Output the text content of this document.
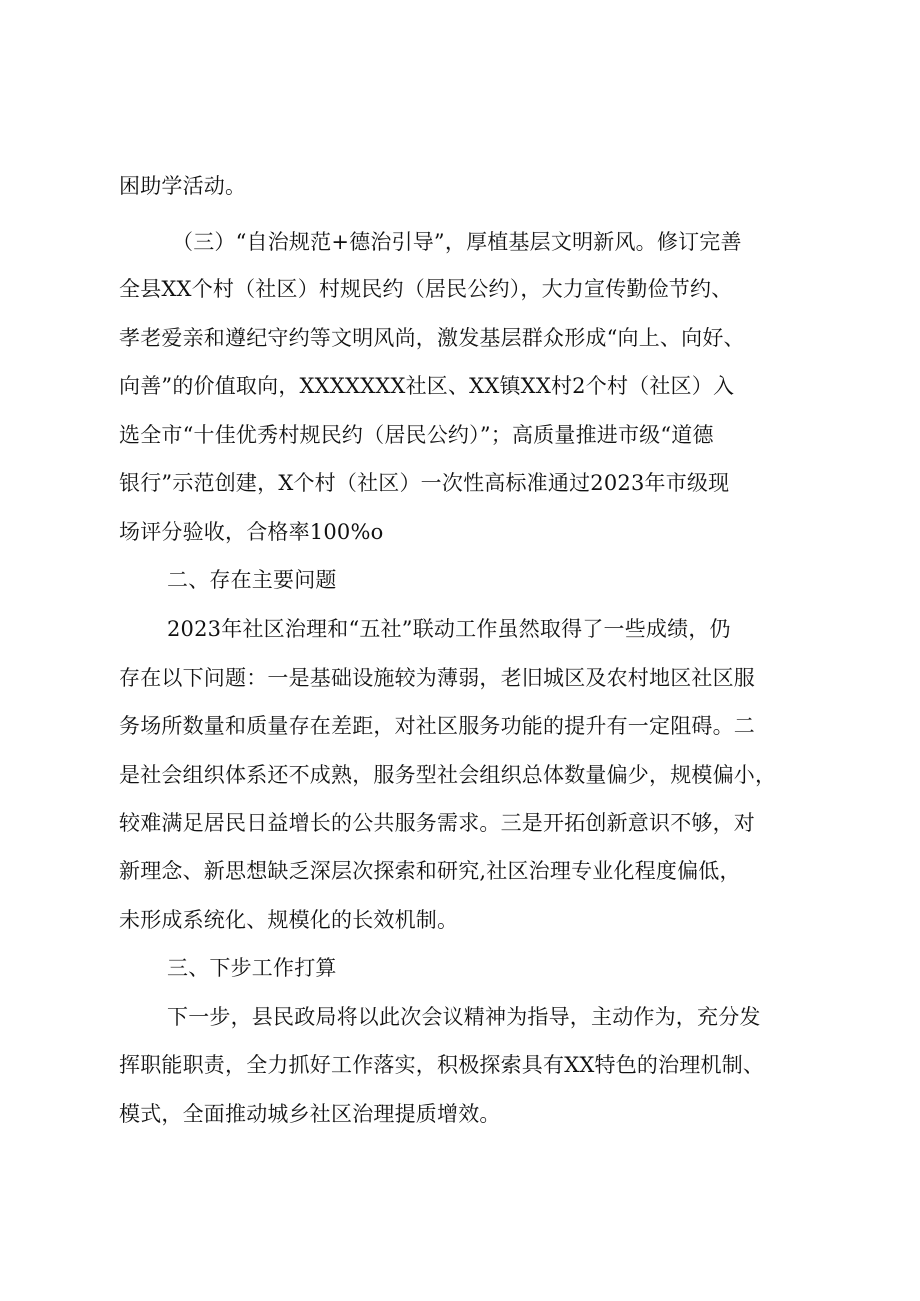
困助学活动。
（三）“自治规范+德治引导”，厚植基层文明新风。修订完善
全县XX个村（社区）村规民约（居民公约），大力宣传勤俭节约、
孝老爱亲和遵纪守约等文明风尚，激发基层群众形成“向上、向好、
向善”的价值取向，XXXXXXX社区、XX镇XX村2个村（社区）入
选全市“十佳优秀村规民约（居民公约）”；高质量推进市级“道德
银行”示范创建，X个村（社区）一次性高标准通过2023年市级现
场评分验收，合格率100%o
二、存在主要问题
2023年社区治理和“五社”联动工作虽然取得了一些成绩，仍
存在以下问题：一是基础设施较为薄弱，老旧城区及农村地区社区服
务场所数量和质量存在差距，对社区服务功能的提升有一定阻碍。二
是社会组织体系还不成熟，服务型社会组织总体数量偏少，规模偏小，
较难满足居民日益增长的公共服务需求。三是开拓创新意识不够，对
新理念、新思想缺乏深层次探索和研究,社区治理专业化程度偏低，
未形成系统化、规模化的长效机制。
三、下步工作打算
下一步，县民政局将以此次会议精神为指导，主动作为，充分发
挥职能职责，全力抓好工作落实，积极探索具有XX特色的治理机制、
模式，全面推动城乡社区治理提质增效。
